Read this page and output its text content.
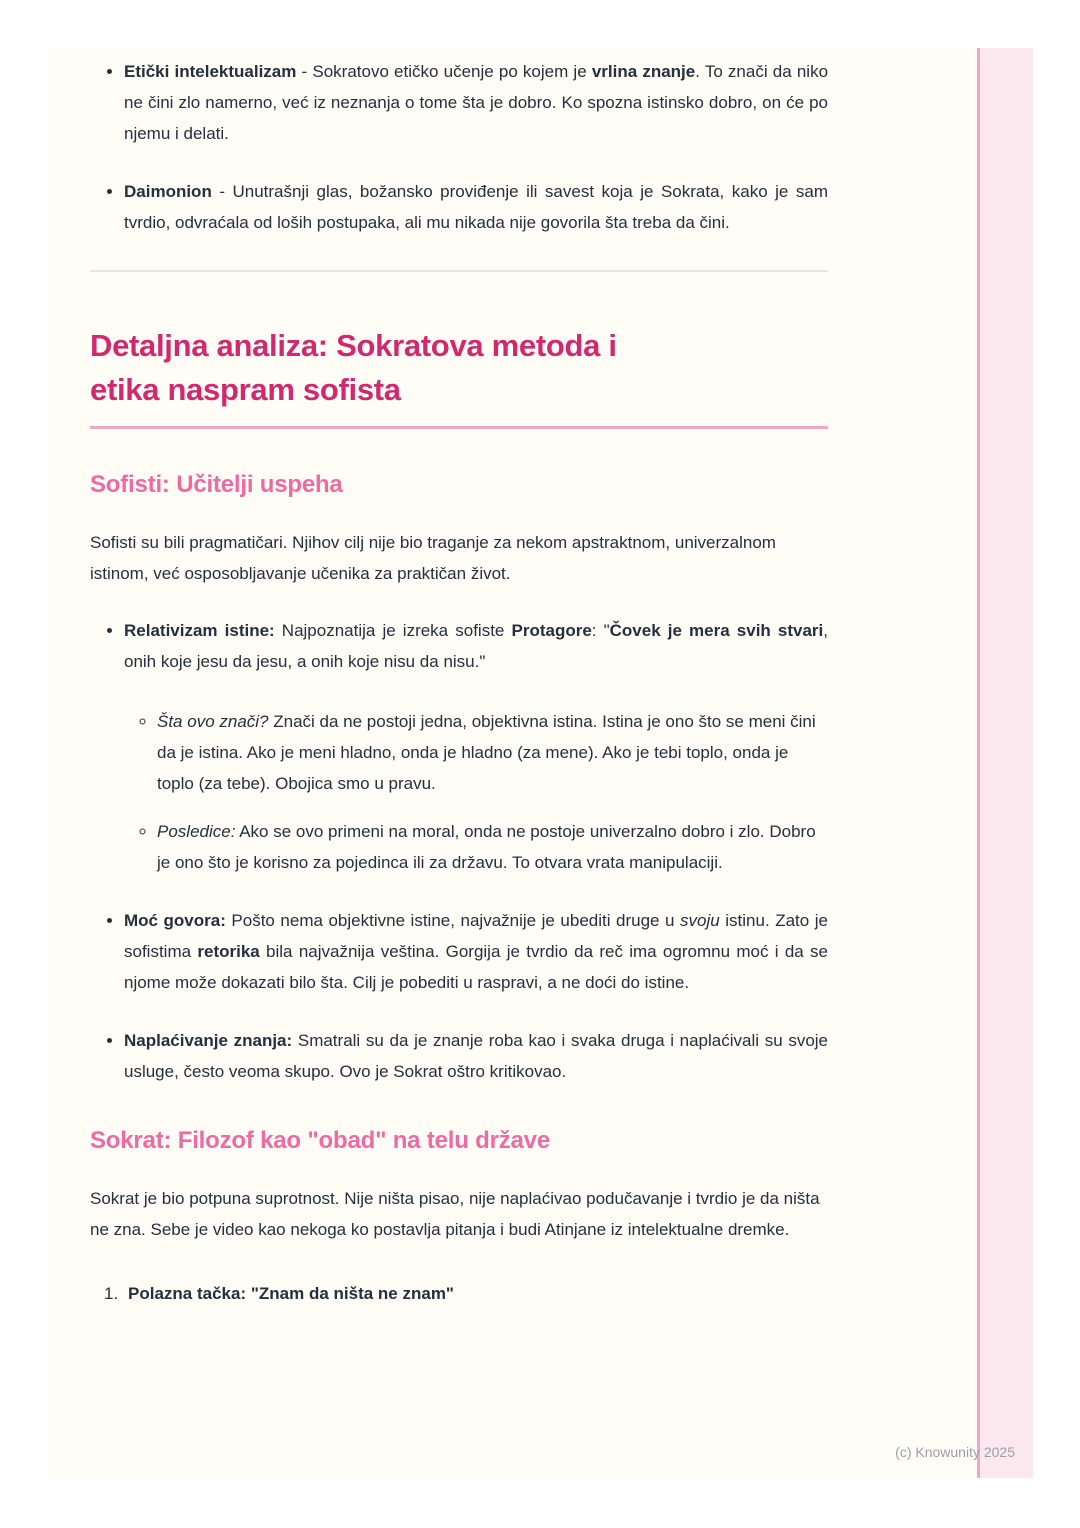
• Etički intelektualizam - Sokratovo etičko učenje po kojem je vrlina znanje. To znači da niko ne čini zlo namerno, već iz neznanja o tome šta je dobro. Ko spozna istinsko dobro, on će po njemu i delati.
• Daimonion - Unutrašnji glas, božansko proviđenje ili savest koja je Sokrata, kako je sam tvrdio, odvraćala od loših postupaka, ali mu nikada nije govorila šta treba da čini.
Detaljna analiza: Sokratova metoda i
etika naspram sofista
Sofisti: Učitelji uspeha

Sofisti su bili pragmatičari. Njihov cilj nije bio traganje za nekom apstraktnom, univerzalnom istinom, već osposobljavanje učenika za praktičan život.

• Relativizam istine: Najpoznatija je izreka sofiste Protagore: "Čovek je mera svih stvari, onih koje jesu da jesu, a onih koje nisu da nisu."
◦ Šta ovo znači? Znači da ne postoji jedna, objektivna istina. Istina je ono što se meni čini da je istina. Ako je meni hladno, onda je hladno (za mene). Ako je tebi toplo, onda je toplo (za tebe). Obojica smo u pravu.
◦ Posledice: Ako se ovo primeni na moral, onda ne postoje univerzalno dobro i zlo. Dobro je ono što je korisno za pojedinca ili za državu. To otvara vrata manipulaciji.
• Moć govora: Pošto nema objektivne istine, najvažnije je ubediti druge u svoju istinu. Zato je sofistima retorika bila najvažnija veština. Gorgija je tvrdio da reč ima ogromnu moć i da se njome može dokazati bilo šta. Cilj je pobediti u raspravi, a ne doći do istine.
• Naplaćivanje znanja: Smatrali su da je znanje roba kao i svaka druga i naplaćivali su svoje usluge, često veoma skupo. Ovo je Sokrat oštro kritikovao.
Sokrat: Filozof kao "obad" na telu države

Sokrat je bio potpuna suprotnost. Nije ništa pisao, nije naplaćivao podučavanje i tvrdio je da ništa ne zna. Sebe je video kao nekoga ko postavlja pitanja i budi Atinjane iz intelektualne dremke.

1. Polazna tačka: "Znam da ništa ne znam"
(c) Knowunity 2025
